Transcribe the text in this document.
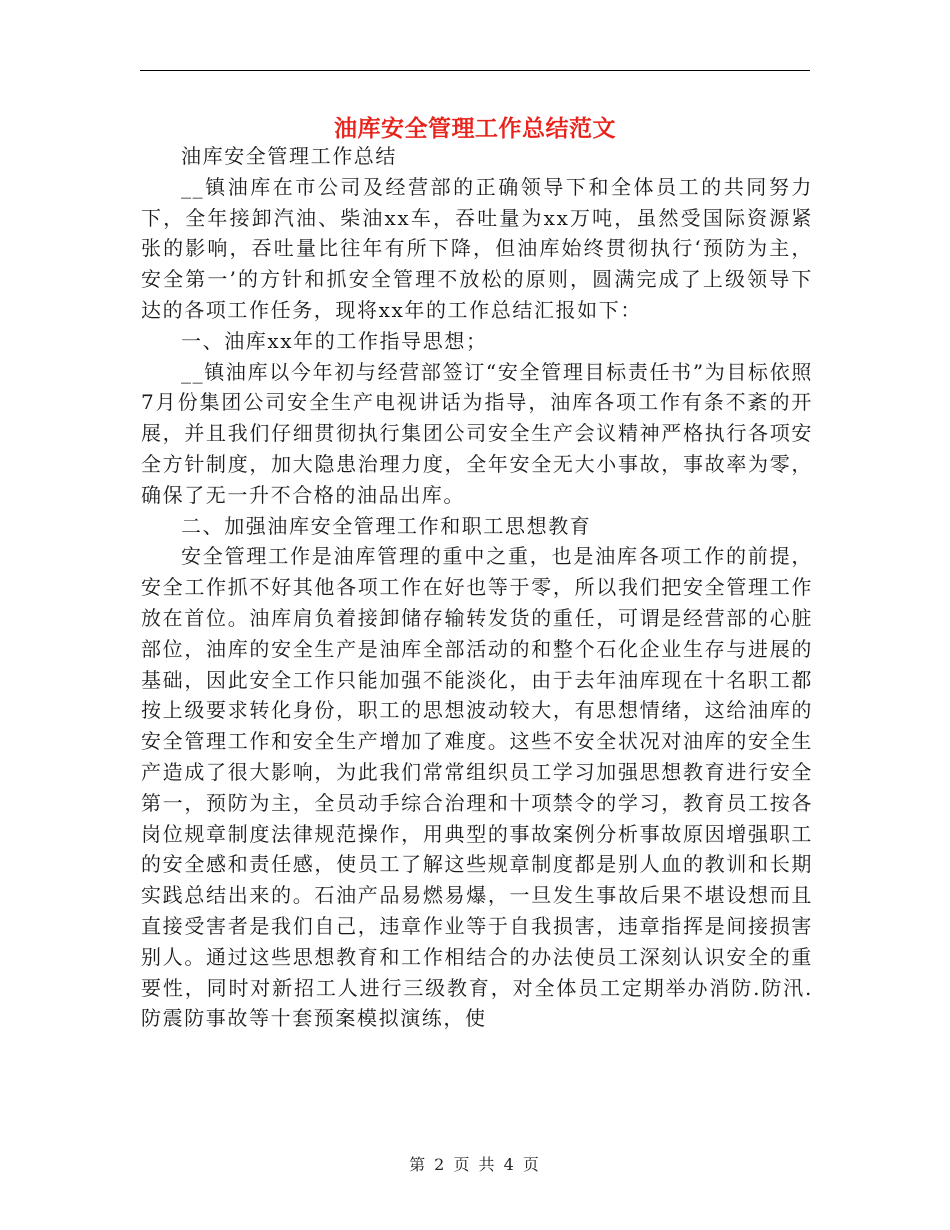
油库安全管理工作总结范文

油库安全管理工作总结

__镇油库在市公司及经营部的正确领导下和全体员工的共同努力下，全年接卸汽油、柴油xx车，吞吐量为xx万吨，虽然受国际资源紧张的影响，吞吐量比往年有所下降，但油库始终贯彻执行‘预防为主，安全第一’的方针和抓安全管理不放松的原则，圆满完成了上级领导下达的各项工作任务，现将xx年的工作总结汇报如下：

一、油库xx年的工作指导思想；

__镇油库以今年初与经营部签订“安全管理目标责任书”为目标依照7月份集团公司安全生产电视讲话为指导，油库各项工作有条不紊的开展，并且我们仔细贯彻执行集团公司安全生产会议精神严格执行各项安全方针制度，加大隐患治理力度，全年安全无大小事故，事故率为零，确保了无一升不合格的油品出库。

二、加强油库安全管理工作和职工思想教育

安全管理工作是油库管理的重中之重，也是油库各项工作的前提，安全工作抓不好其他各项工作在好也等于零，所以我们把安全管理工作放在首位。油库肩负着接卸储存输转发货的重任，可谓是经营部的心脏部位，油库的安全生产是油库全部活动的和整个石化企业生存与进展的基础，因此安全工作只能加强不能淡化，由于去年油库现在十名职工都按上级要求转化身份，职工的思想波动较大，有思想情绪，这给油库的安全管理工作和安全生产增加了难度。这些不安全状况对油库的安全生产造成了很大影响，为此我们常常组织员工学习加强思想教育进行安全第一，预防为主，全员动手综合治理和十项禁令的学习，教育员工按各岗位规章制度法律规范操作，用典型的事故案例分析事故原因增强职工的安全感和责任感，使员工了解这些规章制度都是别人血的教训和长期实践总结出来的。石油产品易燃易爆，一旦发生事故后果不堪设想而且直接受害者是我们自己，违章作业等于自我损害，违章指挥是间接损害别人。通过这些思想教育和工作相结合的办法使员工深刻认识安全的重要性，同时对新招工人进行三级教育，对全体员工定期举办消防.防汛.防震防事故等十套预案模拟演练，使

第 2 页 共 4 页
